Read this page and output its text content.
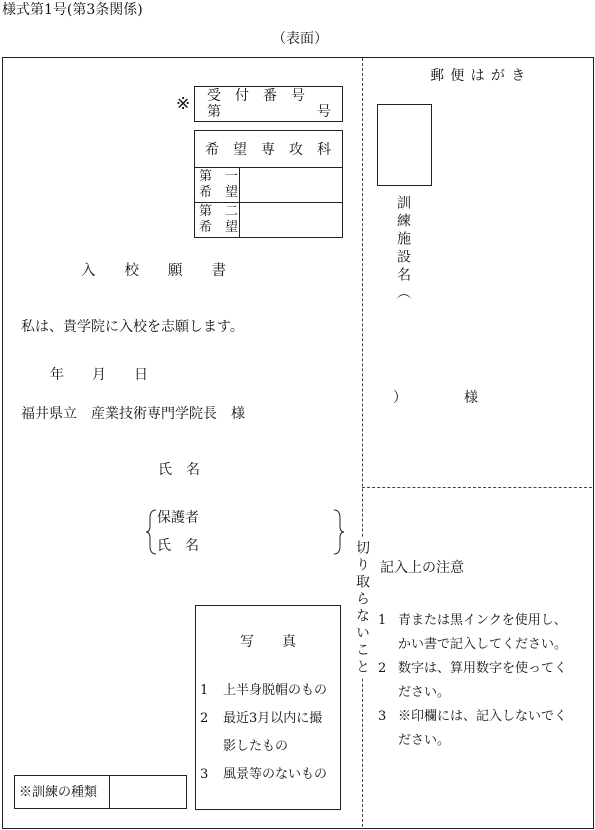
様式第1号(第3条関係)
（表面）
※ 受　付　番　号
第	号
希　望　専　攻　科
第　一
希　望
第　二
希　望
入　　校　　願　　書
私は、貴学院に入校を志願します。
年　　月　　日
福井県立　産業技術専門学院長　様
氏　名
保護者
氏　名
写　　真
1 上半身脱帽のもの
2 最近3月以内に撮
影したもの
3 風景等のないもの
※訓練の種類
郵便はがき
訓練施設名（
）	様
切り取らないこと 記入上の注意
1 青または黒インクを使用し、
かい書で記入してください。
2 数字は、算用数字を使ってく
ださい。
3 ※印欄には、記入しないでく
ださい。
